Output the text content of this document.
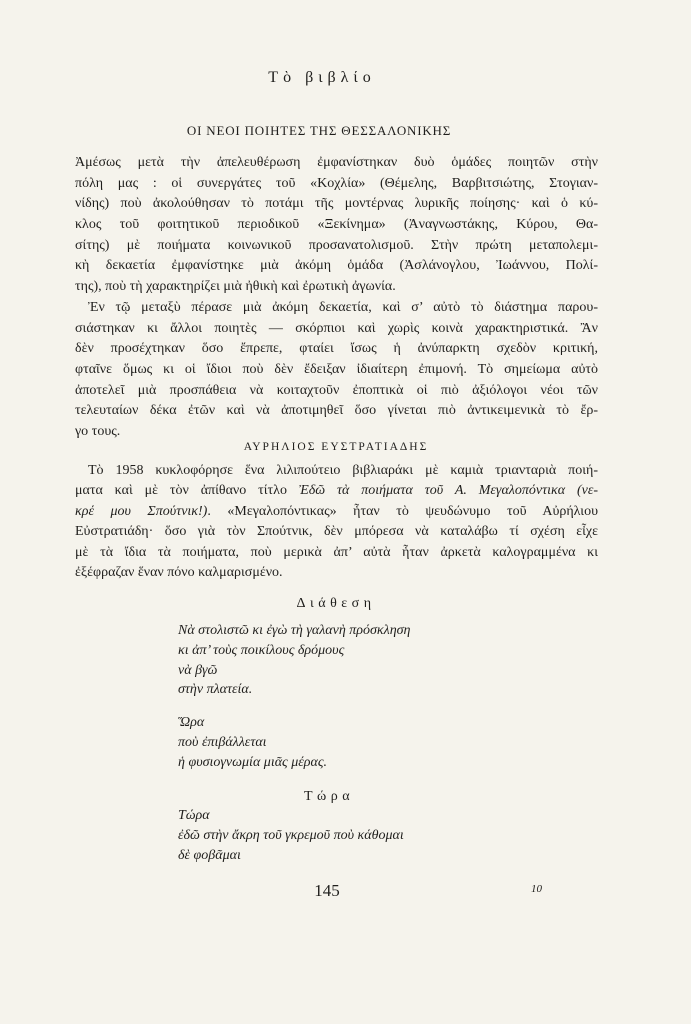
Τὸ βιβλίο
ΟΙ ΝΕΟΙ ΠΟΙΗΤΕΣ ΤΗΣ ΘΕΣΣΑΛΟΝΙΚΗΣ
Ἀμέσως μετὰ τὴν ἀπελευθέρωση ἐμφανίστηκαν δυὸ ὁμάδες ποιητῶν στὴν
πόλη μας : οἱ συνεργάτες τοῦ «Κοχλία» (Θέμελης, Βαρβιτσιώτης, Στογιαν-
νίδης) ποὺ ἀκολούθησαν τὸ ποτάμι τῆς μοντέρνας λυρικῆς ποίησης· καὶ ὁ κύ-
κλος τοῦ φοιτητικοῦ περιοδικοῦ «Ξεκίνημα» (Ἀναγνωστάκης, Κύρου, Θα-
σίτης) μὲ ποιήματα κοινωνικοῦ προσανατολισμοῦ. Στὴν πρώτη μεταπολεμι-
κὴ δεκαετία ἐμφανίστηκε μιὰ ἀκόμη ὁμάδα (Ἀσλάνογλου, Ἰωάννου, Πολί-
της), ποὺ τὴ χαρακτηρίζει μιὰ ἠθικὴ καὶ ἐρωτικὴ ἀγωνία.
Ἐν τῷ μεταξὺ πέρασε μιὰ ἀκόμη δεκαετία, καὶ σ’ αὐτὸ τὸ διάστημα παρου-
σιάστηκαν κι ἄλλοι ποιητὲς — σκόρπιοι καὶ χωρὶς κοινὰ χαρακτηριστικά. Ἂν
δὲν προσέχτηκαν ὅσο ἔπρεπε, φταίει ἴσως ἡ ἀνύπαρκτη σχεδὸν κριτική,
φταῖνε ὅμως κι οἱ ἴδιοι ποὺ δὲν ἔδειξαν ἰδιαίτερη ἐπιμονή. Τὸ σημείωμα αὐτὸ
ἀποτελεῖ μιὰ προσπάθεια νὰ κοιταχτοῦν ἐποπτικὰ οἱ πιὸ ἀξιόλογοι νέοι τῶν
τελευταίων δέκα ἐτῶν καὶ νὰ ἀποτιμηθεῖ ὅσο γίνεται πιὸ ἀντικειμενικὰ τὸ ἔρ-
γο τους.
ΑΥΡΗΛΙΟΣ ΕΥΣΤΡΑΤΙΑΔΗΣ
Τὸ 1958 κυκλοφόρησε ἕνα λιλιπούτειο βιβλιαράκι μὲ καμιὰ τριανταριὰ ποιή-
ματα καὶ μὲ τὸν ἀπίθανο τίτλο Ἐδῶ τὰ ποιήματα τοῦ Α. Μεγαλοπόντικα (νε-
κρέ μου Σπούτνικ!). «Μεγαλοπόντικας» ἦταν τὸ ψευδώνυμο τοῦ Αὐρήλιου
Εὐστρατιάδη· ὅσο γιὰ τὸν Σπούτνικ, δὲν μπόρεσα νὰ καταλάβω τί σχέση εἶχε
μὲ τὰ ἴδια τὰ ποιήματα, ποὺ μερικὰ ἀπ’ αὐτὰ ἦταν ἀρκετὰ καλογραμμένα κι
ἐξέφραζαν ἕναν πόνο καλμαρισμένο.
Διάθεση
Νὰ στολιστῶ κι ἐγὼ τὴ γαλανὴ πρόσκληση
κι ἀπ’ τοὺς ποικίλους δρόμους
νὰ βγῶ
στὴν πλατεία.
Ὥρα
ποὺ ἐπιβάλλεται
ἡ φυσιογνωμία μιᾶς μέρας.
Τώρα
Τώρα
ἐδῶ στὴν ἄκρη τοῦ γκρεμοῦ ποὺ κάθομαι
δὲ φοβᾶμαι
145	10
